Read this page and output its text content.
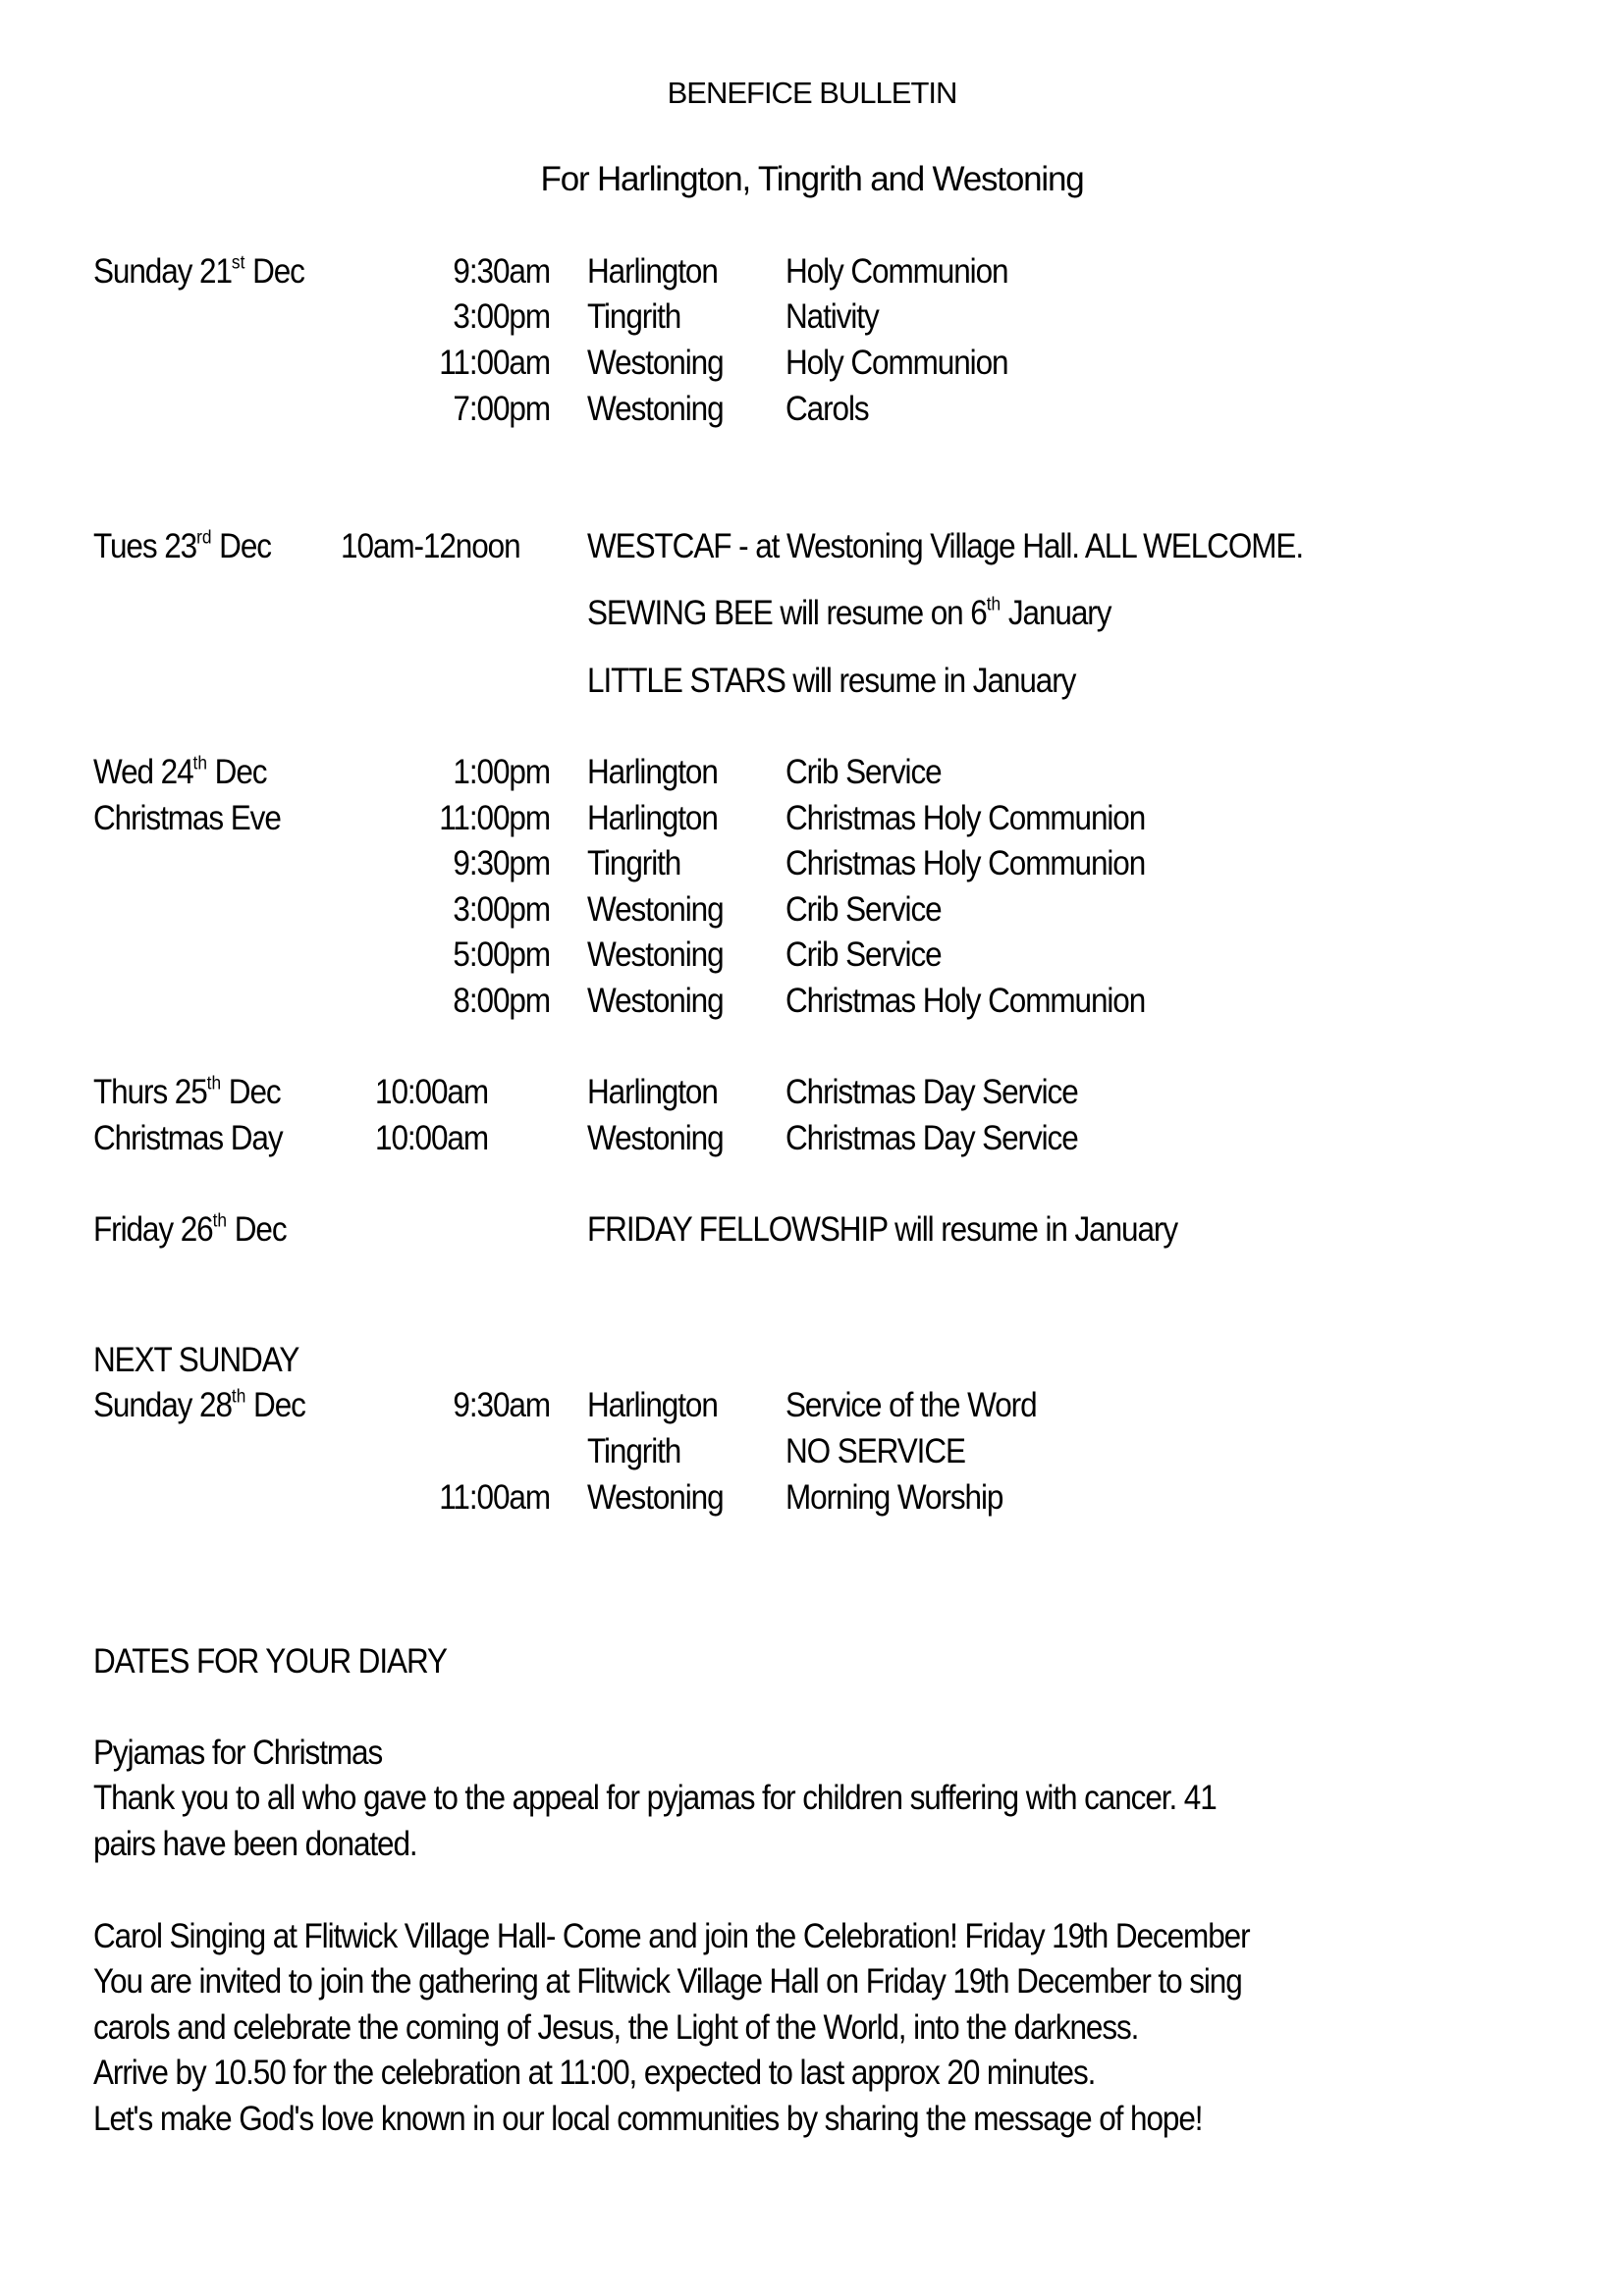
BENEFICE BULLETIN
For Harlington, Tingrith and Westoning
Sunday 21st Dec	9:30am Harlington Holy Communion
3:00pm Tingrith	Nativity
11:00am Westoning Holy Communion
7:00pm Westoning Carols
Tues 23rd Dec 10am-12noon WESTCAF - at Westoning Village Hall. ALL WELCOME.
SEWING BEE will resume on 6th January
LITTLE STARS will resume in January
Wed 24th Dec
Christmas Eve
1:00pm Harlington Crib Service
11:00pm Harlington Christmas Holy Communion
9:30pm Tingrith	Christmas Holy Communion
3:00pm Westoning Crib Service
5:00pm Westoning Crib Service
8:00pm Westoning Christmas Holy Communion
Thurs 25th Dec
Christmas Day
10:00am	Harlington Christmas Day Service
10:00am	Westoning Christmas Day Service
Friday 26th Dec	FRIDAY FELLOWSHIP will resume in January
NEXT SUNDAY
Sunday 28th Dec	9:30am Harlington Service of the Word
Tingrith	NO SERVICE
11:00am Westoning Morning Worship
DATES FOR YOUR DIARY
Pyjamas for Christmas
Thank you to all who gave to the appeal for pyjamas for children suffering with cancer. 41
pairs have been donated.
Carol Singing at Flitwick Village Hall- Come and join the Celebration! Friday 19th December
You are invited to join the gathering at Flitwick Village Hall on Friday 19th December to sing
carols and celebrate the coming of Jesus, the Light of the World, into the darkness.
Arrive by 10.50 for the celebration at 11:00, expected to last approx 20 minutes.
Let's make God's love known in our local communities by sharing the message of hope!
